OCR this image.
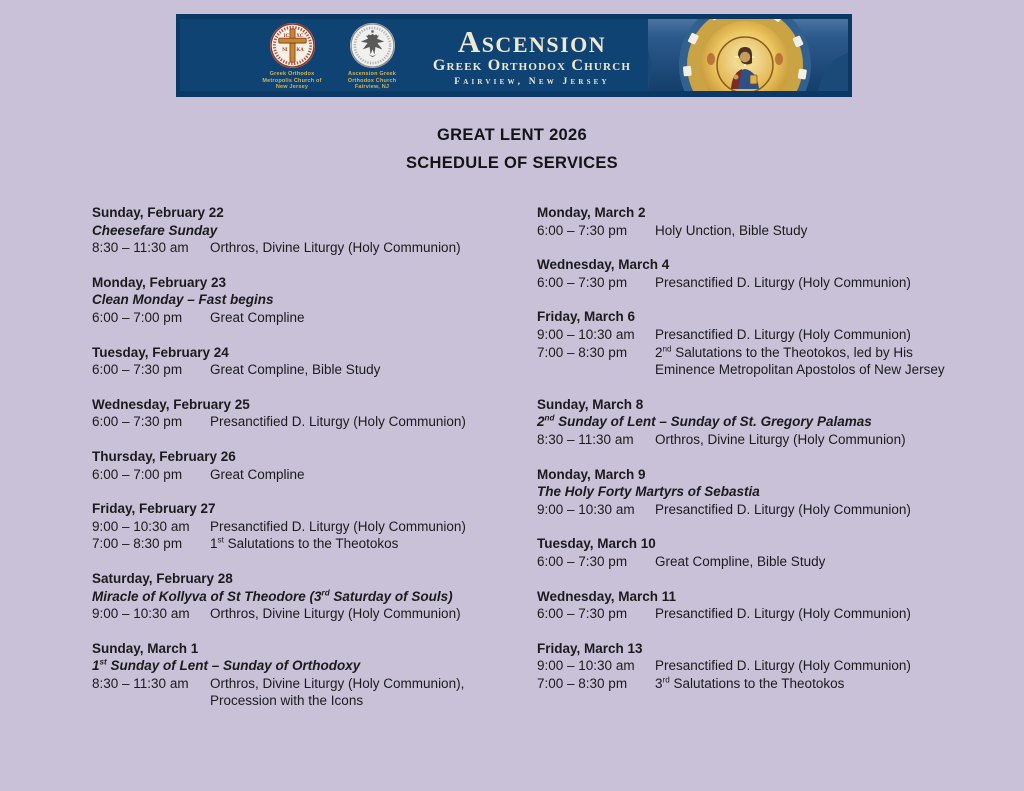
IC XC
NI KA
Greek Orthodox
Metropolis Church of
New Jersey
Ascension Greek
Orthodox Church
Fairview, NJ
Ascension
Greek Orthodox Church
Fairview, New Jersey
GREAT LENT 2026
SCHEDULE OF SERVICES
Sunday, February 22
Cheesefare Sunday
8:30 – 11:30 am	Orthros, Divine Liturgy (Holy Communion)
Monday, February 23
Clean Monday – Fast begins
6:00 – 7:00 pm	Great Compline
Tuesday, February 24
6:00 – 7:30 pm	Great Compline, Bible Study
Wednesday, February 25
6:00 – 7:30 pm	Presanctified D. Liturgy (Holy Communion)
Thursday, February 26
6:00 – 7:00 pm	Great Compline
Friday, February 27
9:00 – 10:30 am	Presanctified D. Liturgy (Holy Communion)
7:00 – 8:30 pm	1st Salutations to the Theotokos
Saturday, February 28
Miracle of Kollyva of St Theodore (3rd Saturday of Souls)
9:00 – 10:30 am	Orthros, Divine Liturgy (Holy Communion)
Sunday, March 1
1st Sunday of Lent – Sunday of Orthodoxy
8:30 – 11:30 am	Orthros, Divine Liturgy (Holy Communion), Procession with the Icons
Monday, March 2
6:00 – 7:30 pm	Holy Unction, Bible Study
Wednesday, March 4
6:00 – 7:30 pm	Presanctified D. Liturgy (Holy Communion)
Friday, March 6
9:00 – 10:30 am	Presanctified D. Liturgy (Holy Communion)
7:00 – 8:30 pm	2nd Salutations to the Theotokos, led by His Eminence Metropolitan Apostolos of New Jersey
Sunday, March 8
2nd Sunday of Lent – Sunday of St. Gregory Palamas
8:30 – 11:30 am	Orthros, Divine Liturgy (Holy Communion)
Monday, March 9
The Holy Forty Martyrs of Sebastia
9:00 – 10:30 am	Presanctified D. Liturgy (Holy Communion)
Tuesday, March 10
6:00 – 7:30 pm	Great Compline, Bible Study
Wednesday, March 11
6:00 – 7:30 pm	Presanctified D. Liturgy (Holy Communion)
Friday, March 13
9:00 – 10:30 am	Presanctified D. Liturgy (Holy Communion)
7:00 – 8:30 pm	3rd Salutations to the Theotokos
